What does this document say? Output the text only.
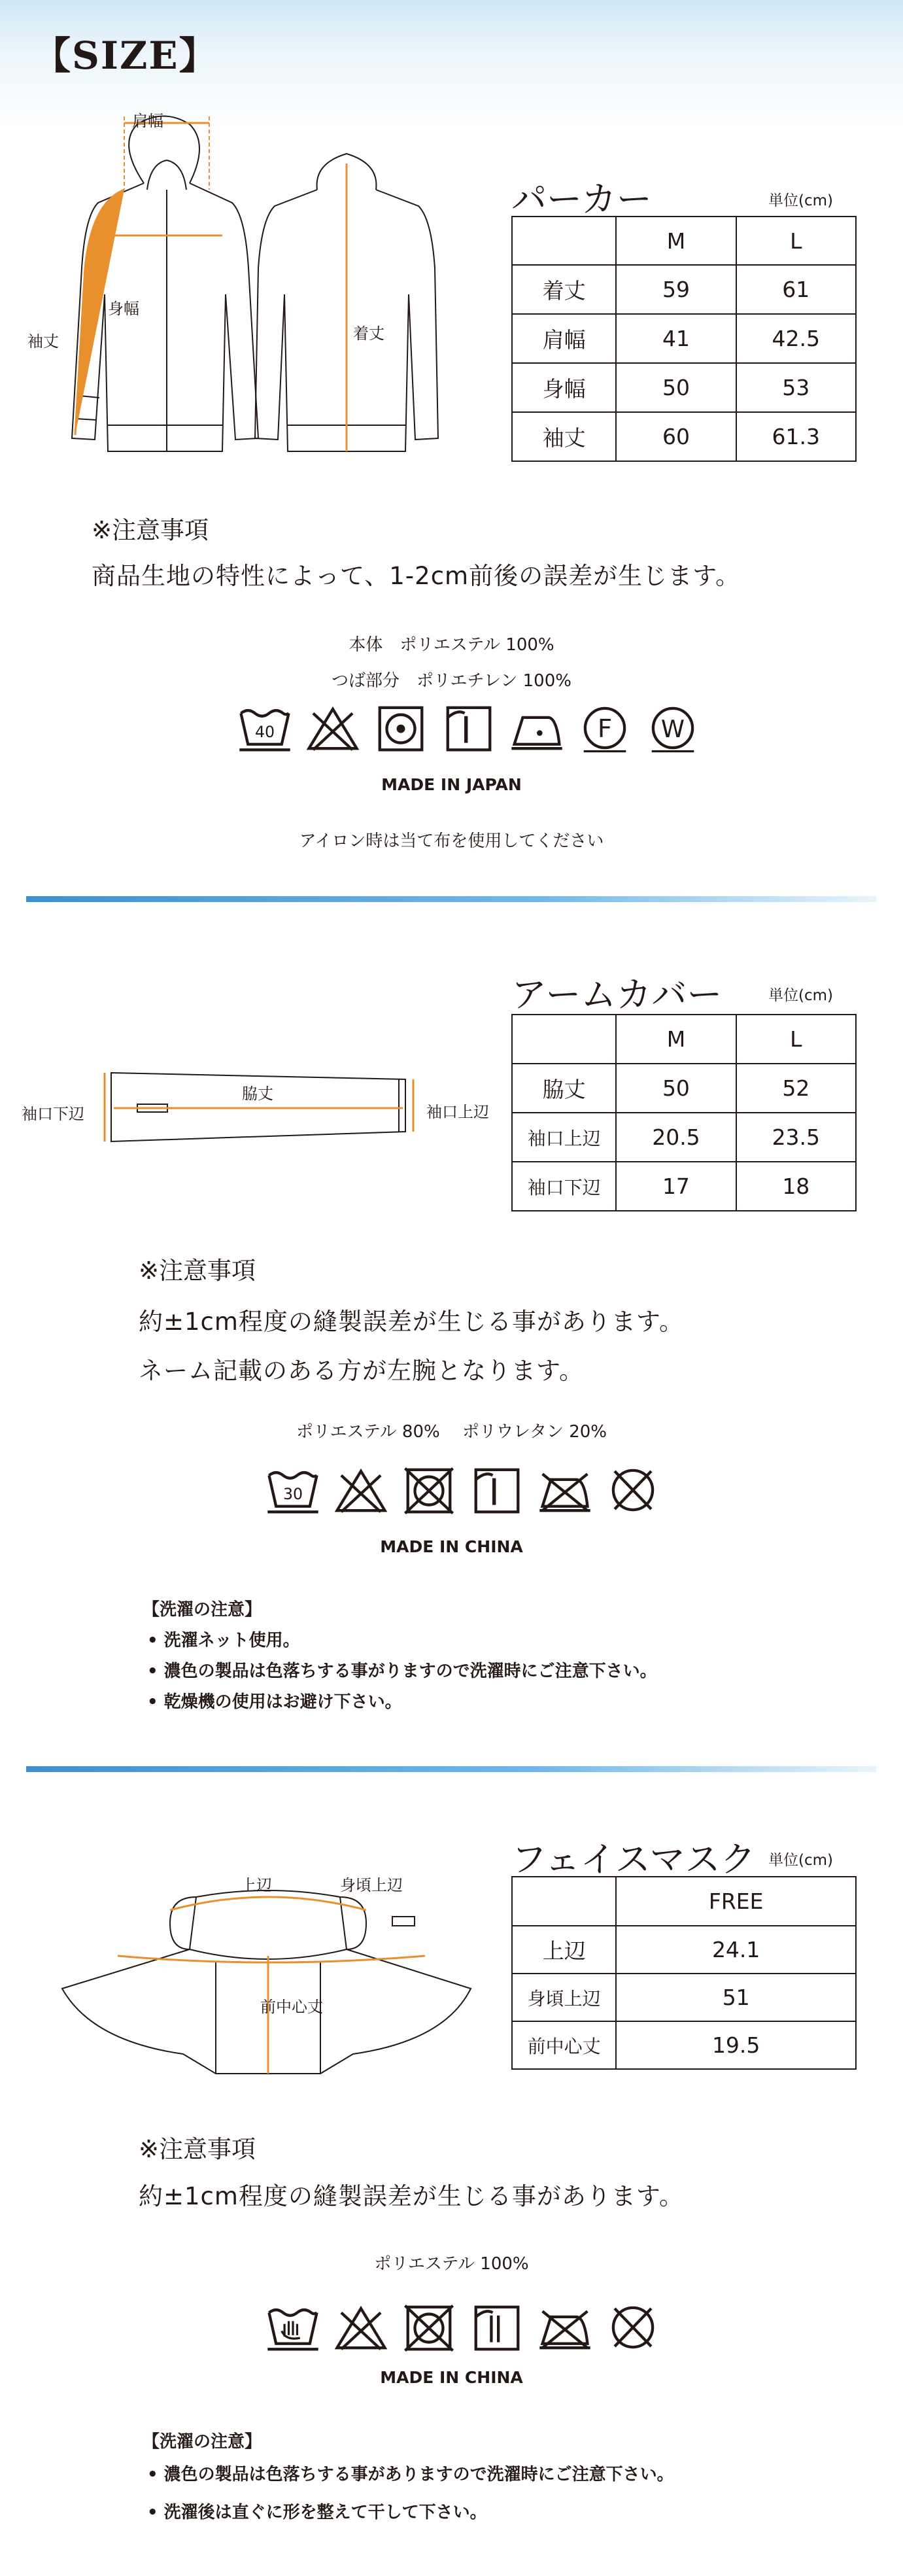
【SIZE】
肩幅
身幅
袖丈	着丈
パーカー	単位(cm)
	M	L
着丈	59	61
肩幅	41	42.5
身幅	50	53
袖丈	60	61.3
※注意事項
商品生地の特性によって、1-2cm前後の誤差が生じます。
本体　ポリエステル 100%
つば部分　ポリエチレン 100%
40
MADE IN JAPAN
アイロン時は当て布を使用してください
脇丈
袖口下辺	袖口上辺
アームカバー	単位(cm)
	M	L
脇丈	50	52
袖口上辺	20.5	23.5
袖口下辺	17	18
※注意事項
約±1cm程度の縫製誤差が生じる事があります。
ネーム記載のある方が左腕となります。
ポリエステル 80%　 ポリウレタン 20%
30
MADE IN CHINA
【洗濯の注意】
• 洗濯ネット使用。
• 濃色の製品は色落ちする事がりますので洗濯時にご注意下さい。
• 乾燥機の使用はお避け下さい。
上辺	身頃上辺
前中心丈
フェイスマスク 単位(cm)
	FREE
上辺	24.1
身頃上辺	51
前中心丈	19.5
※注意事項
約±1cm程度の縫製誤差が生じる事があります。
ポリエステル 100%
MADE IN CHINA
【洗濯の注意】
• 濃色の製品は色落ちする事がありますので洗濯時にご注意下さい。
• 洗濯後は直ぐに形を整えて干して下さい。
